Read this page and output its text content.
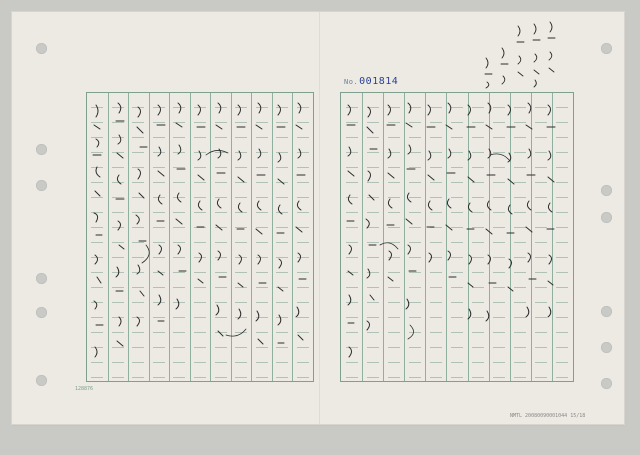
No.001814
128876
NMTL 20080090001044 15/18
